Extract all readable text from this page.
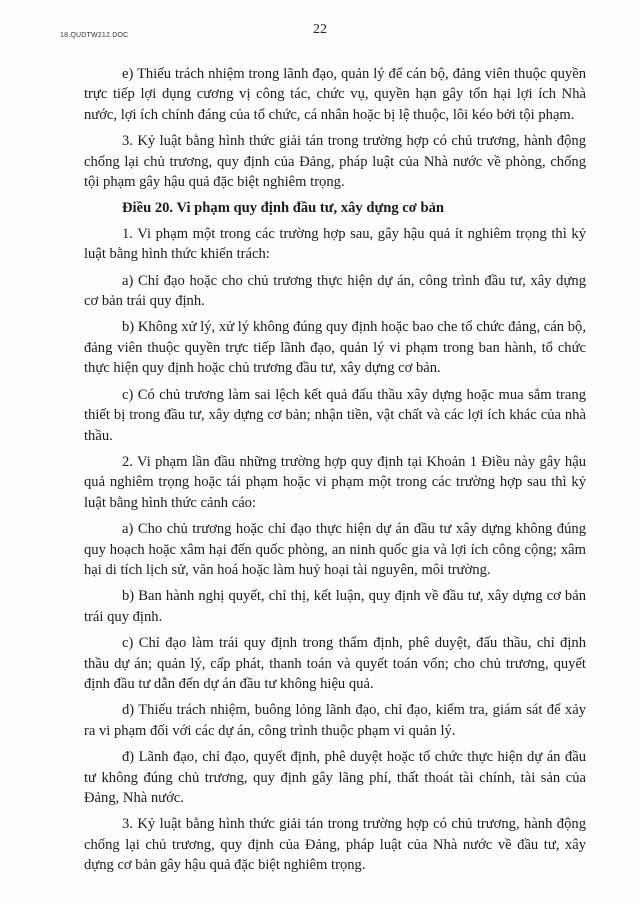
18.QUDTW212.DOC	22

e) Thiếu trách nhiệm trong lãnh đạo, quản lý để cán bộ, đảng viên thuộc quyền trực tiếp lợi dụng cương vị công tác, chức vụ, quyền hạn gây tổn hại lợi ích Nhà nước, lợi ích chính đáng của tổ chức, cá nhân hoặc bị lệ thuộc, lôi kéo bởi tội phạm.

3. Kỷ luật bằng hình thức giải tán trong trường hợp có chủ trương, hành động chống lại chủ trương, quy định của Đảng, pháp luật của Nhà nước về phòng, chống tội phạm gây hậu quả đặc biệt nghiêm trọng.

Điều 20. Vi phạm quy định đầu tư, xây dựng cơ bản

1. Vi phạm một trong các trường hợp sau, gây hậu quả ít nghiêm trọng thì kỷ luật bằng hình thức khiển trách:

a) Chỉ đạo hoặc cho chủ trương thực hiện dự án, công trình đầu tư, xây dựng cơ bản trái quy định.

b) Không xử lý, xử lý không đúng quy định hoặc bao che tổ chức đảng, cán bộ, đảng viên thuộc quyền trực tiếp lãnh đạo, quản lý vi phạm trong ban hành, tổ chức thực hiện quy định hoặc chủ trương đầu tư, xây dựng cơ bản.

c) Có chủ trương làm sai lệch kết quả đấu thầu xây dựng hoặc mua sắm trang thiết bị trong đầu tư, xây dựng cơ bản; nhận tiền, vật chất và các lợi ích khác của nhà thầu.

2. Vi phạm lần đầu những trường hợp quy định tại Khoản 1 Điều này gây hậu quả nghiêm trọng hoặc tái phạm hoặc vi phạm một trong các trường hợp sau thì kỷ luật bằng hình thức cảnh cáo:

a) Cho chủ trương hoặc chỉ đạo thực hiện dự án đầu tư xây dựng không đúng quy hoạch hoặc xâm hại đến quốc phòng, an ninh quốc gia và lợi ích công cộng; xâm hại di tích lịch sử, văn hoá hoặc làm huỷ hoại tài nguyên, môi trường.

b) Ban hành nghị quyết, chỉ thị, kết luận, quy định về đầu tư, xây dựng cơ bản trái quy định.

c) Chỉ đạo làm trái quy định trong thẩm định, phê duyệt, đấu thầu, chỉ định thầu dự án; quản lý, cấp phát, thanh toán và quyết toán vốn; cho chủ trương, quyết định đầu tư dẫn đến dự án đầu tư không hiệu quả.

d) Thiếu trách nhiệm, buông lỏng lãnh đạo, chỉ đạo, kiểm tra, giám sát để xảy ra vi phạm đối với các dự án, công trình thuộc phạm vi quản lý.

đ) Lãnh đạo, chỉ đạo, quyết định, phê duyệt hoặc tổ chức thực hiện dự án đầu tư không đúng chủ trương, quy định gây lãng phí, thất thoát tài chính, tài sản của Đảng, Nhà nước.

3. Kỷ luật bằng hình thức giải tán trong trường hợp có chủ trương, hành động chống lại chủ trương, quy định của Đảng, pháp luật của Nhà nước về đầu tư, xây dựng cơ bản gây hậu quả đặc biệt nghiêm trọng.
